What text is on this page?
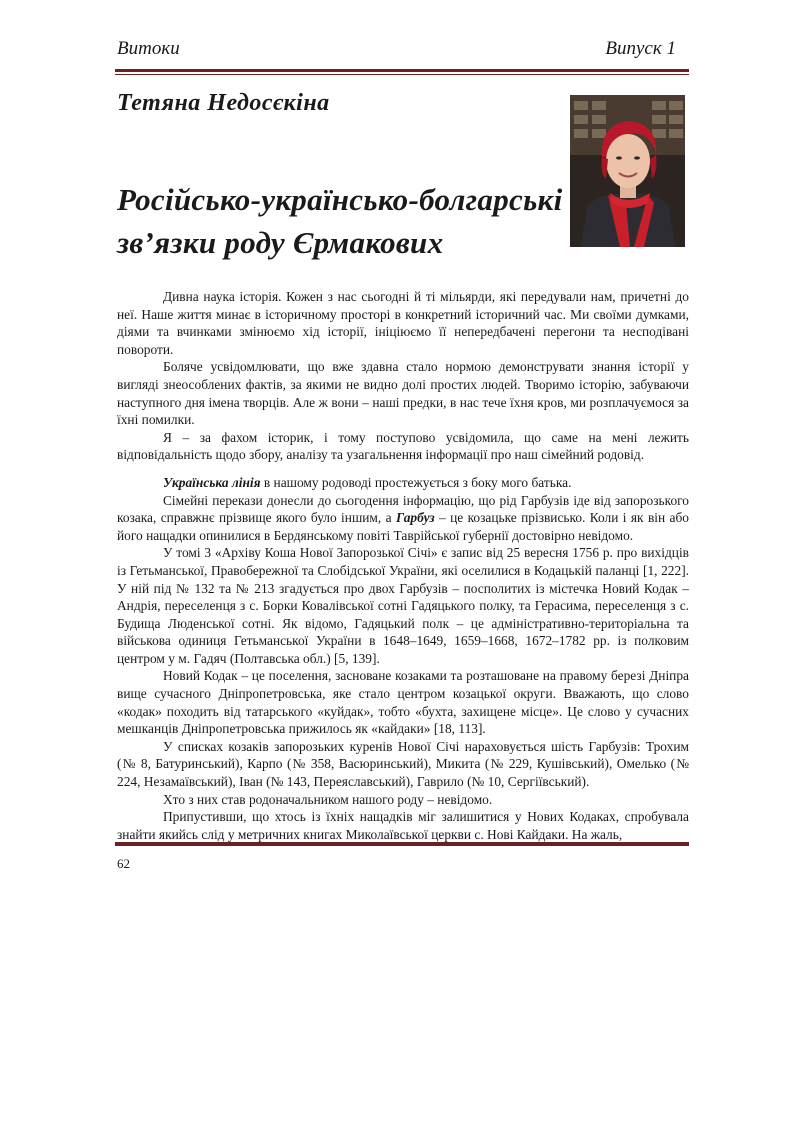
Витоки	Випуск 1
Тетяна Недосєкіна
Російсько-українсько-болгарські
зв’язки роду Єрмакових

Дивна наука історія. Кожен з нас сьогодні й ті мільярди, які передували нам, причетні до неї. Наше життя минає в історичному просторі в конкретний історичний час. Ми своїми думками, діями та вчинками змінюємо хід історії, ініціюємо її непередбачені перегони та несподівані повороти.

Боляче усвідомлювати, що вже здавна стало нормою демонструвати знання історії у вигляді знеособлених фактів, за якими не видно долі простих людей. Творимо історію, забуваючи наступного дня імена творців. Але ж вони – наші предки, в нас тече їхня кров, ми розплачуємося за їхні помилки.

Я – за фахом історик, і тому поступово усвідомила, що саме на мені лежить відповідальність щодо збору, аналізу та узагальнення інформації про наш сімейний родовід.

Українська лінія в нашому родоводі простежується з боку мого батька.

Сімейні перекази донесли до сьогодення інформацію, що рід Гарбузів іде від запорозького козака, справжнє прізвище якого було іншим, а Гарбуз – це козацьке прізвисько. Коли і як він або його нащадки опинилися в Бердянському повіті Таврійської губернії достовірно невідомо.

У томі 3 «Архіву Коша Нової Запорозької Січі» є запис від 25 вересня 1756 р. про вихідців із Гетьманської, Правобережної та Слобідської України, які оселилися в Кодацькій паланці [1, 222]. У ній під № 132 та № 213 згадується про двох Гарбузів – посполитих із містечка Новий Кодак – Андрія, переселенця з с. Борки Ковалівської сотні Гадяцького полку, та Герасима, переселенця з с. Будища Люденської сотні. Як відомо, Гадяцький полк – це адміністративно-територіальна та військова одиниця Гетьманської України в 1648–1649, 1659–1668, 1672–1782 рр. із полковим центром у м. Гадяч (Полтавська обл.) [5, 139].

Новий Кодак – це поселення, засноване козаками та розташоване на правому березі Дніпра вище сучасного Дніпропетровська, яке стало центром козацької округи. Вважають, що слово «кодак» походить від татарського «куйдак», тобто «бухта, захищене місце». Це слово у сучасних мешканців Дніпропетровська прижилось як «кайдаки» [18, 113].

У списках козаків запорозьких куренів Нової Січі нараховується шість Гарбузів: Трохим (№ 8, Батуринський), Карпо (№ 358, Васюринський), Микита (№ 229, Кушівський), Омелько (№ 224, Незамаївський), Іван (№ 143, Переяславський), Гаврило (№ 10, Сергіївський).

Хто з них став родоначальником нашого роду – невідомо.

Припустивши, що хтось із їхніх нащадків міг залишитися у Нових Кодаках, спробувала знайти якийсь слід у метричних книгах Миколаївської церкви с. Нові Кайдаки. На жаль,

62
